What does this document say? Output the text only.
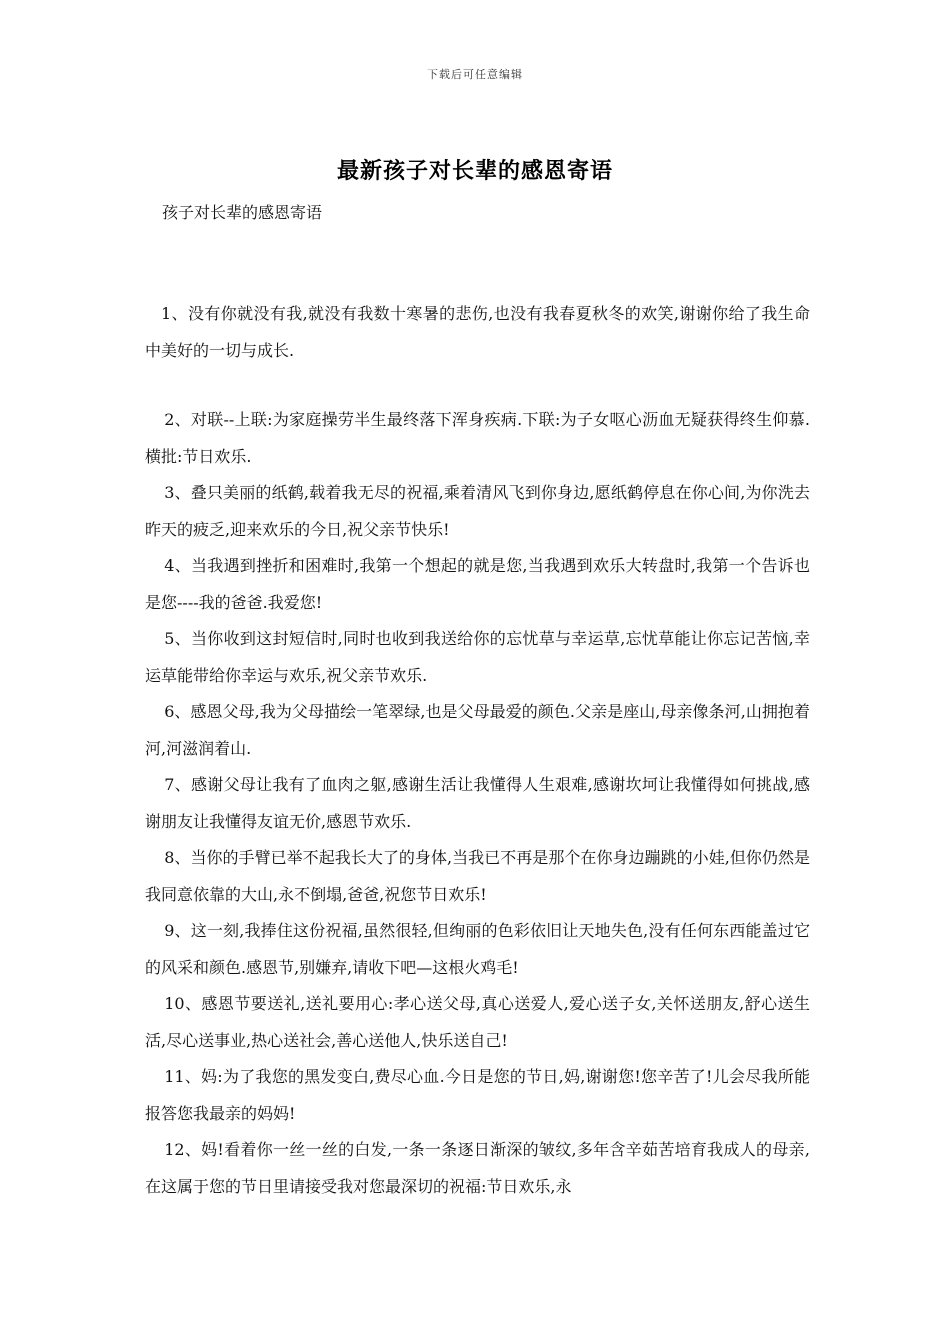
下载后可任意编辑
最新孩子对长辈的感恩寄语
孩子对长辈的感恩寄语

1、没有你就没有我,就没有我数十寒暑的悲伤,也没有我春夏秋冬的欢笑,谢谢你给了我生命中美好的一切与成长.

2、对联--上联:为家庭操劳半生最终落下浑身疾病.下联:为子女呕心沥血无疑获得终生仰慕.横批:节日欢乐.

3、叠只美丽的纸鹤,载着我无尽的祝福,乘着清风飞到你身边,愿纸鹤停息在你心间,为你洗去昨天的疲乏,迎来欢乐的今日,祝父亲节快乐!

4、当我遇到挫折和困难时,我第一个想起的就是您,当我遇到欢乐大转盘时,我第一个告诉也是您----我的爸爸.我爱您!

5、当你收到这封短信时,同时也收到我送给你的忘忧草与幸运草,忘忧草能让你忘记苦恼,幸运草能带给你幸运与欢乐,祝父亲节欢乐.

6、感恩父母,我为父母描绘一笔翠绿,也是父母最爱的颜色.父亲是座山,母亲像条河,山拥抱着河,河滋润着山.

7、感谢父母让我有了血肉之躯,感谢生活让我懂得人生艰难,感谢坎坷让我懂得如何挑战,感谢朋友让我懂得友谊无价,感恩节欢乐.

8、当你的手臂已举不起我长大了的身体,当我已不再是那个在你身边蹦跳的小娃,但你仍然是我同意依靠的大山,永不倒塌,爸爸,祝您节日欢乐!

9、这一刻,我捧住这份祝福,虽然很轻,但绚丽的色彩依旧让天地失色,没有任何东西能盖过它的风采和颜色.感恩节,别嫌弃,请收下吧—这根火鸡毛!

10、感恩节要送礼,送礼要用心:孝心送父母,真心送爱人,爱心送子女,关怀送朋友,舒心送生活,尽心送事业,热心送社会,善心送他人,快乐送自己!

11、妈:为了我您的黑发变白,费尽心血.今日是您的节日,妈,谢谢您!您辛苦了!儿会尽我所能报答您我最亲的妈妈!

12、妈!看着你一丝一丝的白发,一条一条逐日渐深的皱纹,多年含辛茹苦培育我成人的母亲,在这属于您的节日里请接受我对您最深切的祝福:节日欢乐,永
